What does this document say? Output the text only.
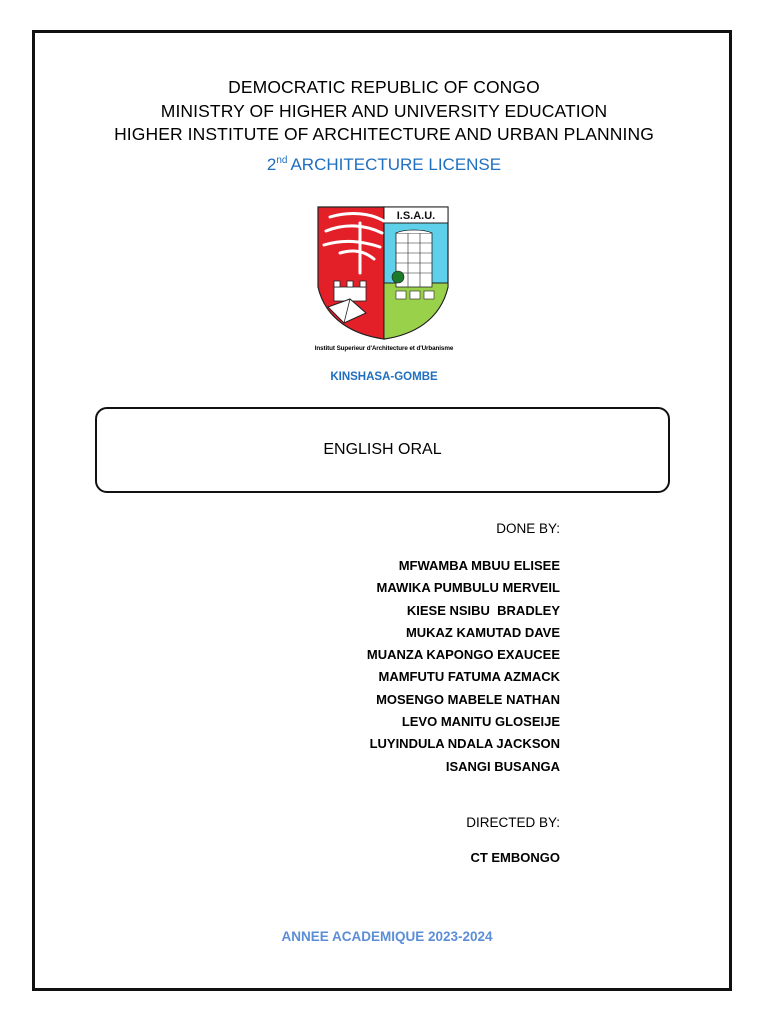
DEMOCRATIC REPUBLIC OF CONGO
MINISTRY OF HIGHER AND UNIVERSITY EDUCATION
HIGHER INSTITUTE OF ARCHITECTURE AND URBAN PLANNING
2nd ARCHITECTURE LICENSE
I.S.A.U.
Institut Superieur d'Architecture et d'Urbanisme
KINSHASA-GOMBE
ENGLISH ORAL
DONE BY:
MFWAMBA MBUU ELISEE
MAWIKA PUMBULU MERVEIL
KIESE NSIBU  BRADLEY
MUKAZ KAMUTAD DAVE
MUANZA KAPONGO EXAUCEE
MAMFUTU FATUMA AZMACK
MOSENGO MABELE NATHAN
LEVO MANITU GLOSEIJE
LUYINDULA NDALA JACKSON
ISANGI BUSANGA
DIRECTED BY:
CT EMBONGO
ANNEE ACADEMIQUE 2023-2024
